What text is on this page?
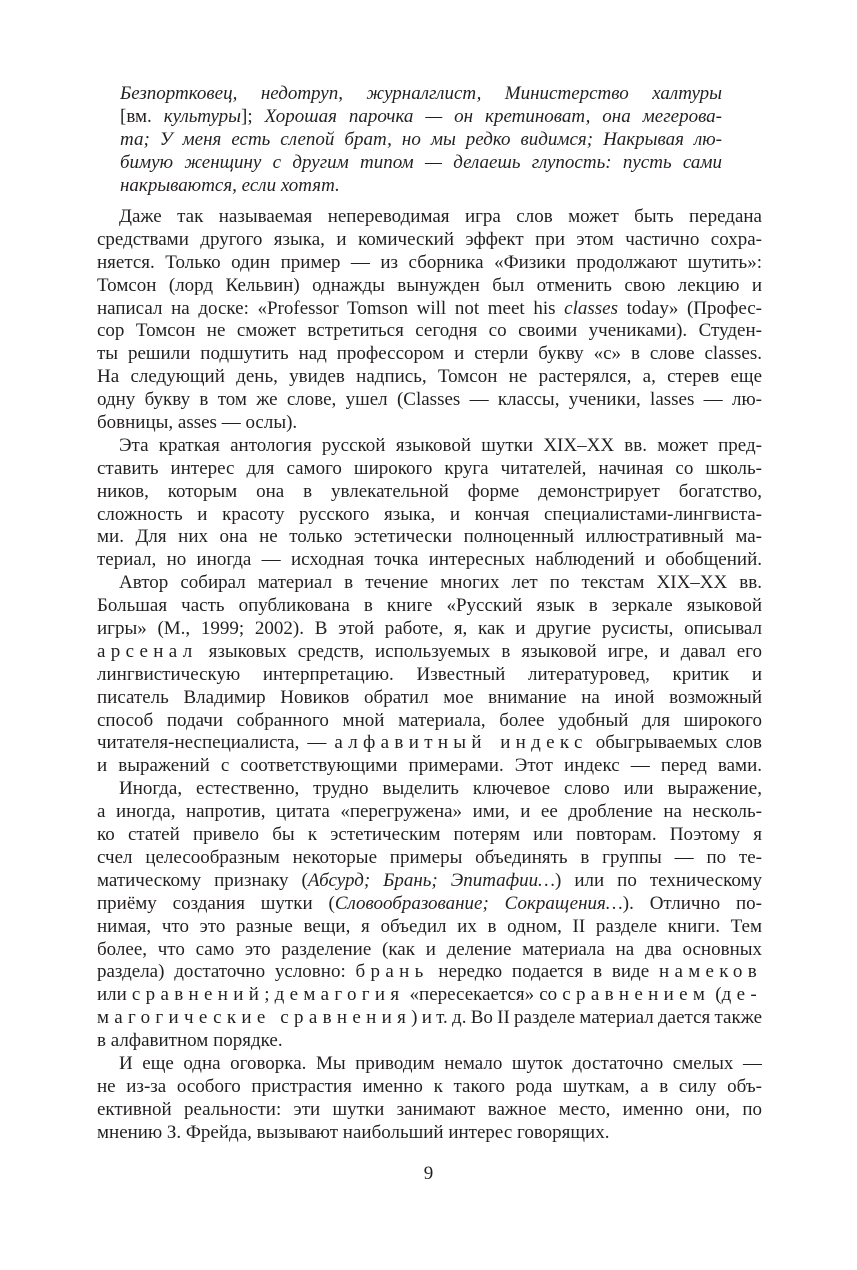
Безпортковец, недотруп, журналглист, Министерство халтуры
[вм. культуры]; Хорошая парочка — он кретиноват, она мегерова-
та; У меня есть слепой брат, но мы редко видимся; Накрывая лю-
бимую женщину с другим типом — делаешь глупость: пусть сами
накрываются, если хотят.
Даже так называемая непереводимая игра слов может быть передана
средствами другого языка, и комический эффект при этом частично сохра-
няется. Только один пример — из сборника «Физики продолжают шутить»:
Томсон (лорд Кельвин) однажды вынужден был отменить свою лекцию и
написал на доске: «Professor Tomson will not meet his classes today» (Профес-
сор Томсон не сможет встретиться сегодня со своими учениками). Студен-
ты решили подшутить над профессором и стерли букву «c» в слове classes.
На следующий день, увидев надпись, Томсон не растерялся, а, стерев еще
одну букву в том же слове, ушел (Classes — классы, ученики, lasses — лю-
бовницы, asses — ослы).
Эта краткая антология русской языковой шутки XIX–XX вв. может пред-
ставить интерес для самого широкого круга читателей, начиная со школь-
ников, которым она в увлекательной форме демонстрирует богатство,
сложность и красоту русского языка, и кончая специалистами-лингвиста-
ми. Для них она не только эстетически полноценный иллюстративный ма-
териал, но иногда — исходная точка интересных наблюдений и обобщений.
Автор собирал материал в течение многих лет по текстам XIX–XX вв.
Большая часть опубликована в книге «Русский язык в зеркале языковой
игры» (М., 1999; 2002). В этой работе, я, как и другие русисты, описывал
арсенал языковых средств, используемых в языковой игре, и давал его
лингвистическую интерпретацию. Известный литературовед, критик и
писатель Владимир Новиков обратил мое внимание на иной возможный
способ подачи собранного мной материала, более удобный для широкого
читателя-неспециалиста, — алфавитный индекс обыгрываемых слов
и выражений с соответствующими примерами. Этот индекс — перед вами.
Иногда, естественно, трудно выделить ключевое слово или выражение,
а иногда, напротив, цитата «перегружена» ими, и ее дробление на несколь-
ко статей привело бы к эстетическим потерям или повторам. Поэтому я
счел целесообразным некоторые примеры объединять в группы — по те-
матическому признаку (Абсурд; Брань; Эпитафии…) или по техническому
приёму создания шутки (Словообразование; Сокращения…). Отлично по-
нимая, что это разные вещи, я объедил их в одном, II разделе книги. Тем
более, что само это разделение (как и деление материала на два основных
раздела) достаточно условно: брань нередко подается в виде намеков
или сравнений; демагогия «пересекается» со сравнением (де-
магогические сравнения) и т. д. Во II разделе материал дается также
в алфавитном порядке.
И еще одна оговорка. Мы приводим немало шуток достаточно смелых —
не из-за особого пристрастия именно к такого рода шуткам, а в силу объ-
ективной реальности: эти шутки занимают важное место, именно они, по
мнению З. Фрейда, вызывают наибольший интерес говорящих.
9
